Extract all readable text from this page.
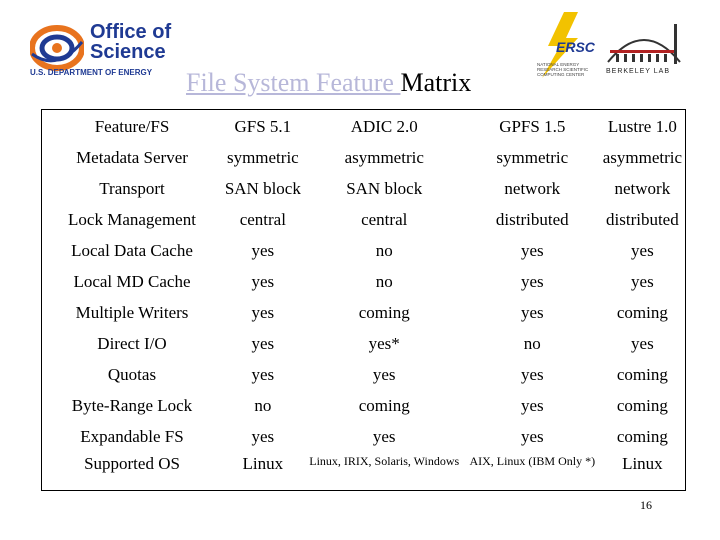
Office of
Science
U.S. DEPARTMENT OF ENERGY
ERSC
NATIONAL ENERGY RESEARCH SCIENTIFIC COMPUTING CENTER	BERKELEY LAB
File System Feature Matrix
Feature/FS	GFS 5.1	ADIC 2.0	GPFS 1.5	Lustre 1.0
Metadata Server	symmetric	asymmetric	symmetric	asymmetric
Transport	SAN block	SAN block	network	network
Lock Management	central	central	distributed	distributed
Local Data Cache	yes	no	yes	yes
Local MD Cache	yes	no	yes	yes
Multiple Writers	yes	coming	yes	coming
Direct I/O	yes	yes*	no	yes
Quotas	yes	yes	yes	coming
Byte-Range Lock	no	coming	yes	coming
Expandable FS	yes	yes	yes	coming
Supported OS	Linux	Linux, IRIX, Solaris, Windows	AIX, Linux (IBM Only *)	Linux
16
